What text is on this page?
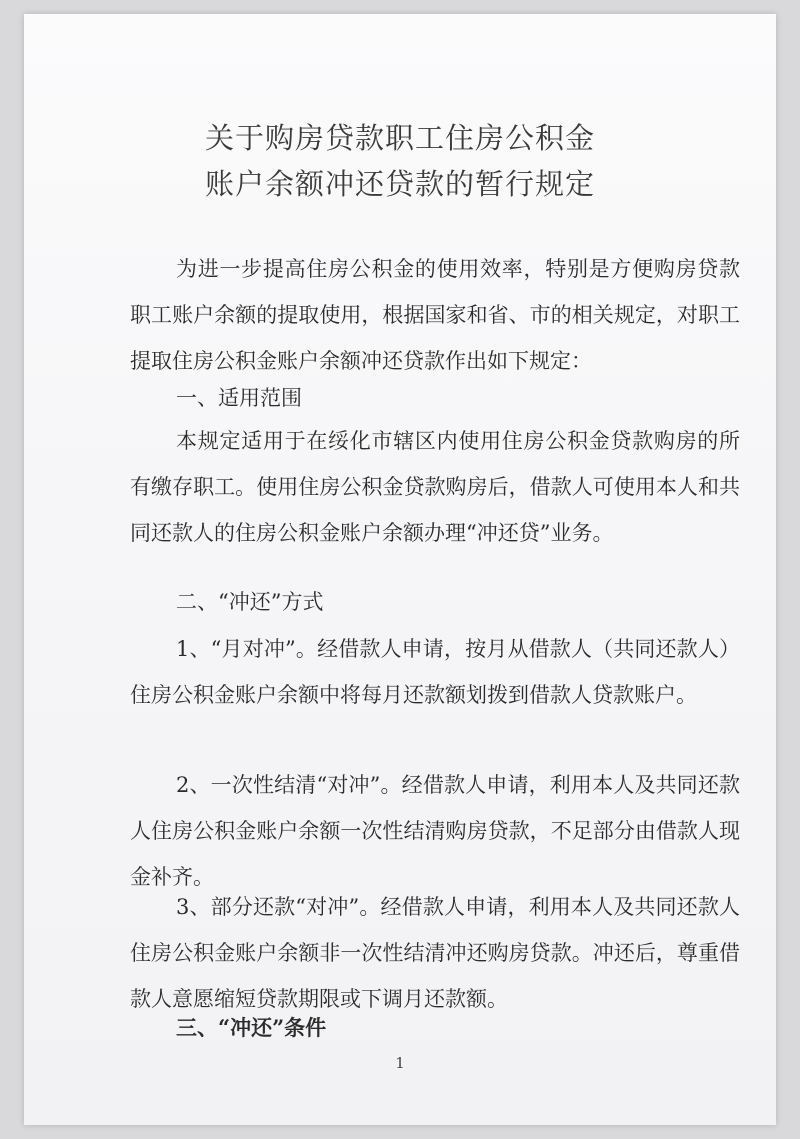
关于购房贷款职工住房公积金
账户余额冲还贷款的暂行规定
为进一步提高住房公积金的使用效率，特别是方便购房贷款职工账户余额的提取使用，根据国家和省、市的相关规定，对职工提取住房公积金账户余额冲还贷款作出如下规定：
一、适用范围
本规定适用于在绥化市辖区内使用住房公积金贷款购房的所有缴存职工。使用住房公积金贷款购房后，借款人可使用本人和共同还款人的住房公积金账户余额办理“冲还贷”业务。
二、“冲还”方式
1、“月对冲”。经借款人申请，按月从借款人（共同还款人）住房公积金账户余额中将每月还款额划拨到借款人贷款账户。
2、一次性结清“对冲”。经借款人申请，利用本人及共同还款人住房公积金账户余额一次性结清购房贷款，不足部分由借款人现金补齐。
3、部分还款“对冲”。经借款人申请，利用本人及共同还款人住房公积金账户余额非一次性结清冲还购房贷款。冲还后，尊重借款人意愿缩短贷款期限或下调月还款额。
三、“冲还”条件
1
